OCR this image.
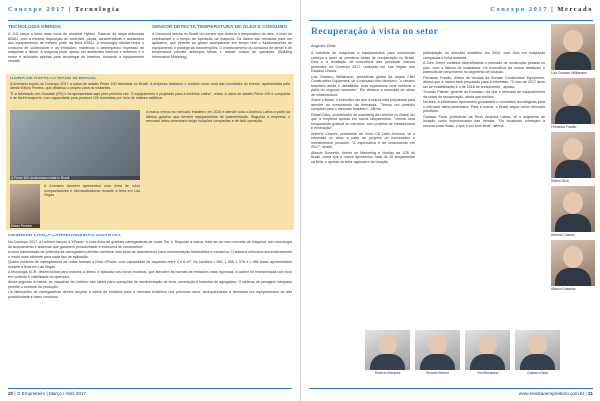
Conexpo 2017 | Tecnologia
TECNOLOGIA HÍBRIDA

A JLG lança a linha mais nova de modelos Hybrid. Trata-se da lança articulada 600AJ, com a mesma disposição de controles, peças, características e acessórios dos equipamentos de mesmo porte da linha 600AJ. A tecnologia híbrida reduz o consumo de combustível e as emissões, mantendo o desempenho esperado de máquinas a diesel. A máquina pode operar em ambientes internos e externos e o motor é acionado apenas para recarregar as baterias, tornando o equipamento versátil.

SENSOR DETECTA TEMPERATURA DE ÓLEO E CONSUMO

A Geomecá lançou no Brasil um sensor que detecta a temperatura do óleo, o nível do combustível e o tempo de operação da máquina. Os dados são enviados para um aplicativo, que permite ao gestor acompanhar em tempo real o funcionamento do equipamento e planejar as manutenções. O monitoramento do consumo de diesel e de temperatura permite antecipar falhas e reduzir custos de operação. (Building Information Modeling).

USINA DE ASFALTO MADE IN BRAZIL

A Ammann expôs na Conexpo 2017 a usina de asfalto Prime 100 fabricada no Brasil. A empresa destacou o modelo como uma das novidades do evento, apresentada pelo diretor Eliseu Pereira, que detalhou o projeto para os visitantes.

"É a fabricação em Gravataí (RS) e foi apresentada aqui pela primeira vez. O equipamento é projetado para a América Latina", relata. A usina de asfalto Prime 100 é compacta e de fácil transporte, com capacidade para produzir 100 toneladas por hora de mistura asfáltica.

A Prime 100 da Ammann made in Brazil
Eliseu Pereira

A Ammann também apresentou uma linha de rolos compactadores e vibroacabadoras durante a feira em Las Vegas.

A marca entrou no mercado brasileiro em 2015 e atende toda a América Latina a partir da fábrica gaúcha, que fornece equipamentos de pavimentação. Segundo a empresa, o mercado latino-americano exige soluções compactas e de fácil operação.

LIEBHERR LANÇA CARREGADEIRAS GIGANTES

Na Conexpo 2017, a Liebherr lançou a XPower, a nova linha de grandes carregadeiras de rodas Tier 4. Segundo a marca, trata-se de novo conceito de máquina, com tecnologia de acionamento e sistemas que garantem produtividade e economia de combustível.

A nova transmissão de potência da carregadeira permite combinar dois tipos de acionamento para movimentação hidrostática e mecânica. O sistema seleciona automaticamente o modo mais eficiente para cada tipo de aplicação.

Quatro modelos de carregadeiras de rodas formam a linha XPower, com capacidade de caçamba entre 4 e 6 m³. Os modelos L 550, L 566, L 576 e L 586 foram apresentados durante a feira em Las Vegas.

A tecnologia SCR, desenvolvida para motores a diesel, é aplicada nos novos modelos, que atendem às normas de emissões mais rigorosas. A cabine foi redesenhada com foco em conforto e visibilidade do operador.

Ainda segundo a marca, as máquinas da Liebherr são ideais para operações de movimentação de terra, mineração e indústria de agregados. O sistema de pesagem integrado permite o controle da produção.

Os fabricantes de carregadeiras devem ampliar a oferta de modelos para o mercado brasileiro nos próximos anos, acompanhando a demanda por equipamentos de alta produtividade e baixo consumo.

20 | O Empreiteiro | Março / Abril 2017
Conexpo 2017 | Mercado
Recuperação à vista no setor
Augusto Diniz

A indústria de máquinas e equipamentos para construção começa a fazer os primeiros sinais de recuperação no Brasil. Esta é a avaliação de executivos das principais marcas presentes na Conexpo 2017, realizada em Las Vegas, nos Estados Unidos.

Luiz Gustavo Williamson, presidente global da marca CNH Construction Equipment, vê o mercado com otimismo: "o cenário brasileiro ainda é desafiador, mas esperamos uma melhora a partir do segundo semestre". Ele destaca a retomada de obras de infraestrutura.

Sobre o Brasil, o executivo diz que a marca está preparada para atender ao crescimento da demanda. "Temos um portfólio completo para o mercado brasileiro", afirma.

Rafael Silva, coordenador de marketing da Liebherr no Brasil, diz que a empresa aposta em novos lançamentos. "Vemos uma recuperação gradual do mercado, com projetos de infraestrutura e mineração".

Ariberto Chaves, presidente da Volvo CE Latin America, vê a retomada no setor a partir de projetos de concessões e investimentos privados. "A expectativa é de crescimento em 2017", avalia.

Alisson Dossetto, diretor de Marketing e Vendas da JCB do Brasil, conta que a marca apresentou mais de 20 lançamentos na feira, e aposta no setor agrícola e de locação.

participação no mercado brasileiro em 2020, com foco em máquinas compactas e linha amarela.

A John Deere continua diversificando o mercado de construção pesada no país, com a fábrica de Indaiatuba. Os executivos da marca destacam o potencial de crescimento no segmento de locação.

Fernando Frazão, diretor de Vendas da Doosan Construction Equipment, afirma que a marca está preparada para a retomada. "O ano de 2017 deve ser de estabilização e o de 2018 de crescimento", aposta.

Thomas Palmer, gerente da Komatsu, diz que o mercado de equipamentos dá sinais de recuperação, ainda que tímidos.

Na feira, a Manitowoc apresentou guindastes e novidades tecnológicas para o mercado latino-americano. Para a marca, o Brasil segue como mercado prioritário.

Gustavo Faria, presidente da Terex América Latina, vê o segmento de locação como impulsionador das vendas. "Os locadores começam a renovar suas frotas, o que é um bom sinal", afirma.

Luiz Gustavo Williamson
Fernando Frazão
Rafael Silva
Ariberto Chaves
Alisson Dossetto
Roberto Marques	Ricardo Bertoni	Yuri Montanha	Gustavo Faria
www.revistaoempreiteiro.com.br | 21
